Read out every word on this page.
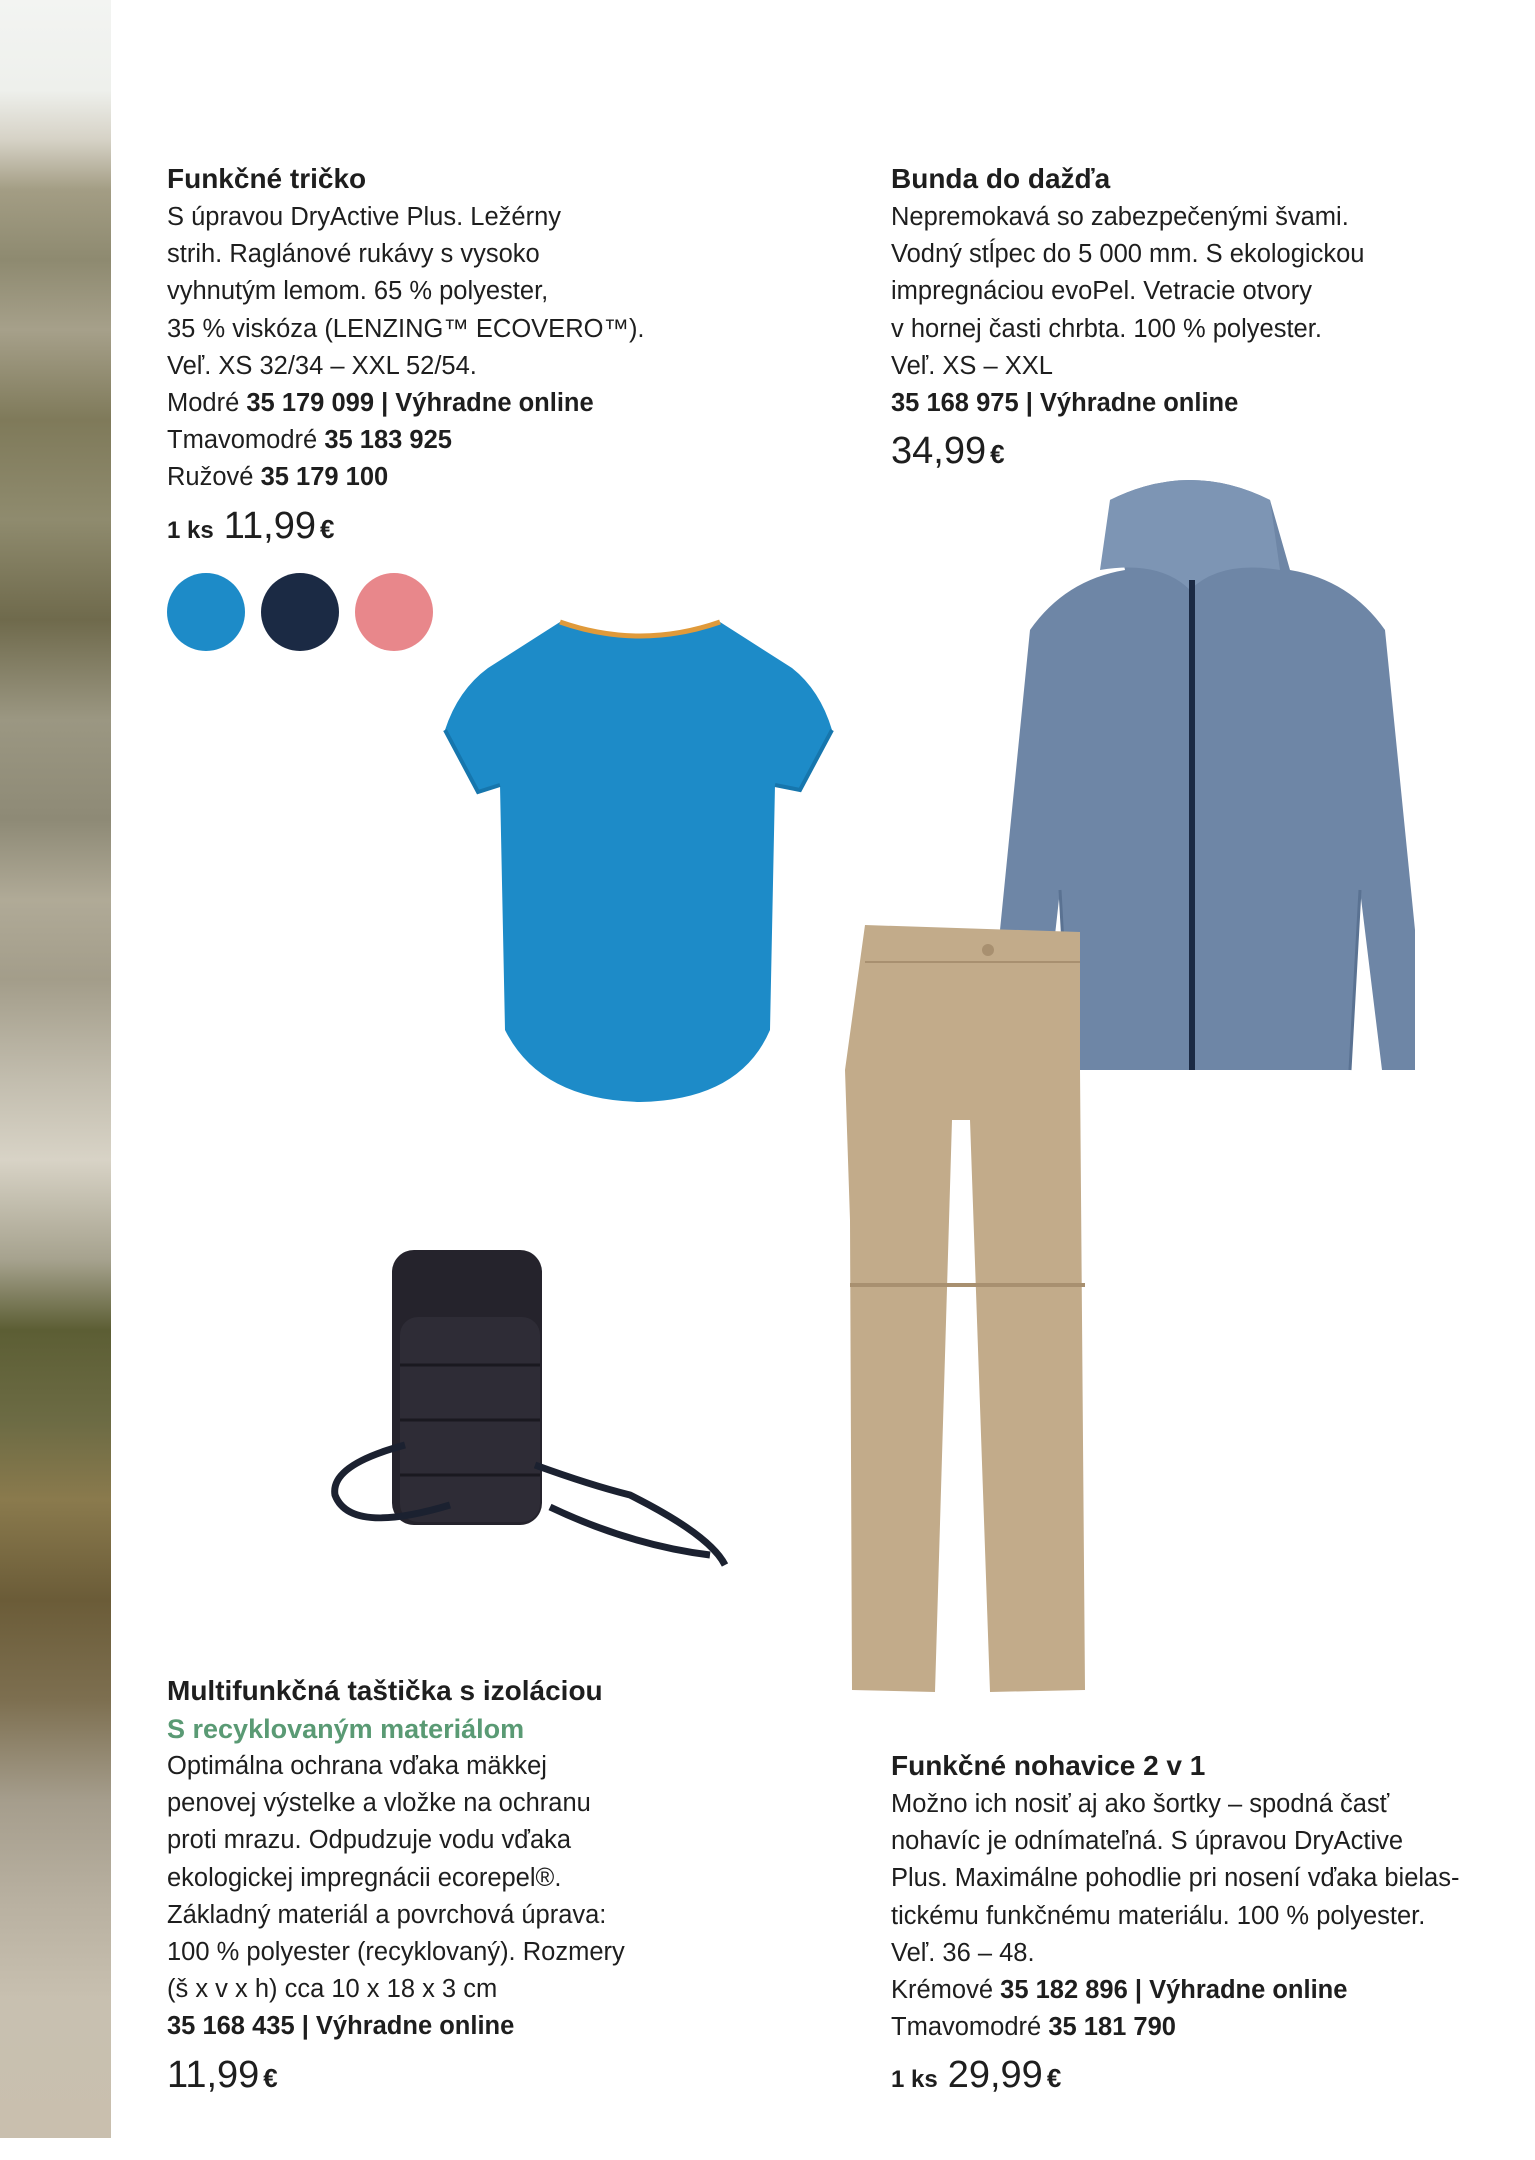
Funkčné tričko
S úpravou DryActive Plus. Ležérny
strih. Raglánové rukávy s vysoko
vyhnutým lemom. 65 % polyester,
35 % viskóza (LENZING™ ECOVERO™).
Veľ. XS 32/34 – XXL 52/54.
Modré 35 179 099 | Výhradne online
Tmavomodré 35 183 925
Ružové 35 179 100
1 ks 11,99 €
Bunda do dažďa
Nepremokavá so zabezpečenými švami.
Vodný stĺpec do 5 000 mm. S ekologickou
impregnáciou evoPel. Vetracie otvory
v hornej časti chrbta. 100 % polyester.
Veľ. XS – XXL
35 168 975 | Výhradne online
34,99 €
Multifunkčná taštička s izoláciou
S recyklovaným materiálom
Optimálna ochrana vďaka mäkkej
penovej výstelke a vložke na ochranu
proti mrazu. Odpudzuje vodu vďaka
ekologickej impregnácii ecorepel®.
Základný materiál a povrchová úprava:
100 % polyester (recyklovaný). Rozmery
(š x v x h) cca 10 x 18 x 3 cm
35 168 435 | Výhradne online
11,99 €
Funkčné nohavice 2 v 1
Možno ich nosiť aj ako šortky – spodná časť
nohavíc je odnímateľná. S úpravou DryActive
Plus. Maximálne pohodlie pri nosení vďaka bielas-
tickému funkčnému materiálu. 100 % polyester.
Veľ. 36 – 48.
Krémové 35 182 896 | Výhradne online
Tmavomodré 35 181 790
1 ks 29,99 €
